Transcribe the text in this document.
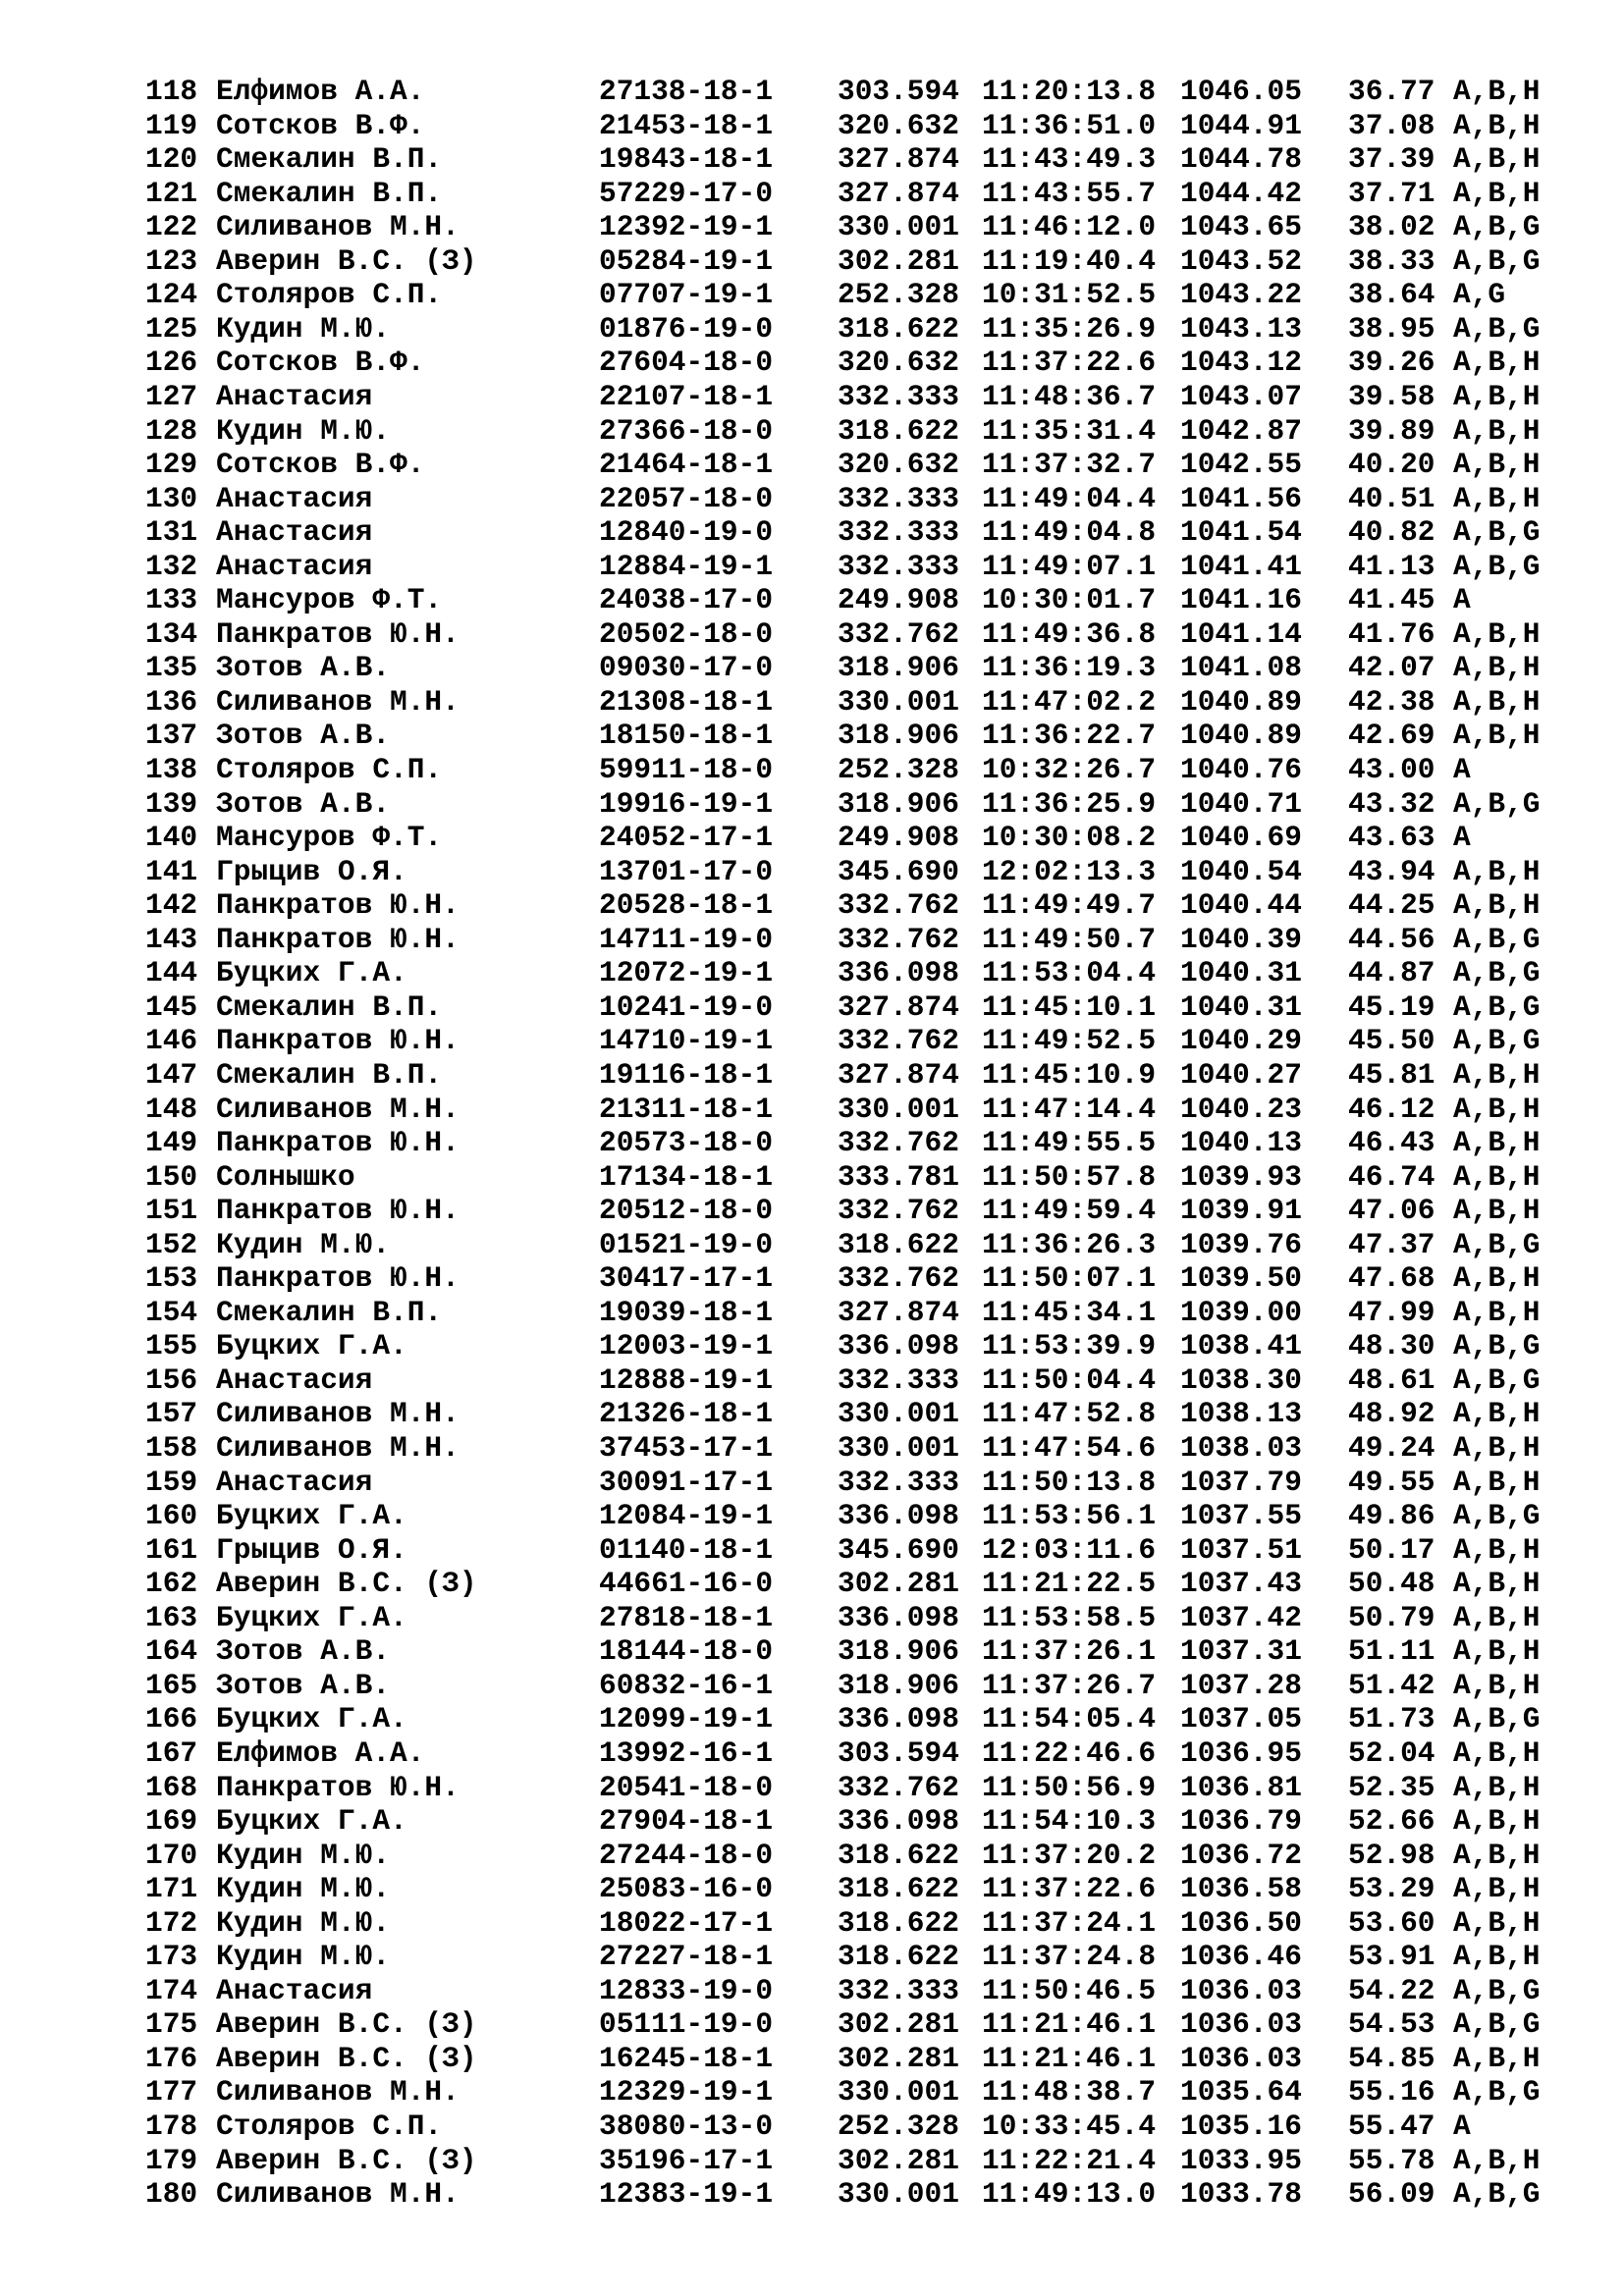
118 Елфимов А.А.	27138-18-1 303.594 11:20:13.8 1046.05 36.77 A,B,H
119 Сотсков В.Ф.	21453-18-1 320.632 11:36:51.0 1044.91 37.08 A,B,H
120 Смекалин В.П.	19843-18-1 327.874 11:43:49.3 1044.78 37.39 A,B,H
121 Смекалин В.П.	57229-17-0 327.874 11:43:55.7 1044.42 37.71 A,B,H
122 Силиванов М.Н.	12392-19-1 330.001 11:46:12.0 1043.65 38.02 A,B,G
123 Аверин В.С. (З)	05284-19-1 302.281 11:19:40.4 1043.52 38.33 A,B,G
124 Столяров С.П.	07707-19-1 252.328 10:31:52.5 1043.22 38.64 A,G
125 Кудин М.Ю.	01876-19-0 318.622 11:35:26.9 1043.13 38.95 A,B,G
126 Сотсков В.Ф.	27604-18-0 320.632 11:37:22.6 1043.12 39.26 A,B,H
127 Анастасия	22107-18-1 332.333 11:48:36.7 1043.07 39.58 A,B,H
128 Кудин М.Ю.	27366-18-0 318.622 11:35:31.4 1042.87 39.89 A,B,H
129 Сотсков В.Ф.	21464-18-1 320.632 11:37:32.7 1042.55 40.20 A,B,H
130 Анастасия	22057-18-0 332.333 11:49:04.4 1041.56 40.51 A,B,H
131 Анастасия	12840-19-0 332.333 11:49:04.8 1041.54 40.82 A,B,G
132 Анастасия	12884-19-1 332.333 11:49:07.1 1041.41 41.13 A,B,G
133 Мансуров Ф.Т.	24038-17-0 249.908 10:30:01.7 1041.16 41.45 A
134 Панкратов Ю.Н.	20502-18-0 332.762 11:49:36.8 1041.14 41.76 A,B,H
135 Зотов А.В.	09030-17-0 318.906 11:36:19.3 1041.08 42.07 A,B,H
136 Силиванов М.Н.	21308-18-1 330.001 11:47:02.2 1040.89 42.38 A,B,H
137 Зотов А.В.	18150-18-1 318.906 11:36:22.7 1040.89 42.69 A,B,H
138 Столяров С.П.	59911-18-0 252.328 10:32:26.7 1040.76 43.00 A
139 Зотов А.В.	19916-19-1 318.906 11:36:25.9 1040.71 43.32 A,B,G
140 Мансуров Ф.Т.	24052-17-1 249.908 10:30:08.2 1040.69 43.63 A
141 Грыцив О.Я.	13701-17-0 345.690 12:02:13.3 1040.54 43.94 A,B,H
142 Панкратов Ю.Н.	20528-18-1 332.762 11:49:49.7 1040.44 44.25 A,B,H
143 Панкратов Ю.Н.	14711-19-0 332.762 11:49:50.7 1040.39 44.56 A,B,G
144 Буцких Г.А.	12072-19-1 336.098 11:53:04.4 1040.31 44.87 A,B,G
145 Смекалин В.П.	10241-19-0 327.874 11:45:10.1 1040.31 45.19 A,B,G
146 Панкратов Ю.Н.	14710-19-1 332.762 11:49:52.5 1040.29 45.50 A,B,G
147 Смекалин В.П.	19116-18-1 327.874 11:45:10.9 1040.27 45.81 A,B,H
148 Силиванов М.Н.	21311-18-1 330.001 11:47:14.4 1040.23 46.12 A,B,H
149 Панкратов Ю.Н.	20573-18-0 332.762 11:49:55.5 1040.13 46.43 A,B,H
150 Солнышко	17134-18-1 333.781 11:50:57.8 1039.93 46.74 A,B,H
151 Панкратов Ю.Н.	20512-18-0 332.762 11:49:59.4 1039.91 47.06 A,B,H
152 Кудин М.Ю.	01521-19-0 318.622 11:36:26.3 1039.76 47.37 A,B,G
153 Панкратов Ю.Н.	30417-17-1 332.762 11:50:07.1 1039.50 47.68 A,B,H
154 Смекалин В.П.	19039-18-1 327.874 11:45:34.1 1039.00 47.99 A,B,H
155 Буцких Г.А.	12003-19-1 336.098 11:53:39.9 1038.41 48.30 A,B,G
156 Анастасия	12888-19-1 332.333 11:50:04.4 1038.30 48.61 A,B,G
157 Силиванов М.Н.	21326-18-1 330.001 11:47:52.8 1038.13 48.92 A,B,H
158 Силиванов М.Н.	37453-17-1 330.001 11:47:54.6 1038.03 49.24 A,B,H
159 Анастасия	30091-17-1 332.333 11:50:13.8 1037.79 49.55 A,B,H
160 Буцких Г.А.	12084-19-1 336.098 11:53:56.1 1037.55 49.86 A,B,G
161 Грыцив О.Я.	01140-18-1 345.690 12:03:11.6 1037.51 50.17 A,B,H
162 Аверин В.С. (З)	44661-16-0 302.281 11:21:22.5 1037.43 50.48 A,B,H
163 Буцких Г.А.	27818-18-1 336.098 11:53:58.5 1037.42 50.79 A,B,H
164 Зотов А.В.	18144-18-0 318.906 11:37:26.1 1037.31 51.11 A,B,H
165 Зотов А.В.	60832-16-1 318.906 11:37:26.7 1037.28 51.42 A,B,H
166 Буцких Г.А.	12099-19-1 336.098 11:54:05.4 1037.05 51.73 A,B,G
167 Елфимов А.А.	13992-16-1 303.594 11:22:46.6 1036.95 52.04 A,B,H
168 Панкратов Ю.Н.	20541-18-0 332.762 11:50:56.9 1036.81 52.35 A,B,H
169 Буцких Г.А.	27904-18-1 336.098 11:54:10.3 1036.79 52.66 A,B,H
170 Кудин М.Ю.	27244-18-0 318.622 11:37:20.2 1036.72 52.98 A,B,H
171 Кудин М.Ю.	25083-16-0 318.622 11:37:22.6 1036.58 53.29 A,B,H
172 Кудин М.Ю.	18022-17-1 318.622 11:37:24.1 1036.50 53.60 A,B,H
173 Кудин М.Ю.	27227-18-1 318.622 11:37:24.8 1036.46 53.91 A,B,H
174 Анастасия	12833-19-0 332.333 11:50:46.5 1036.03 54.22 A,B,G
175 Аверин В.С. (З)	05111-19-0 302.281 11:21:46.1 1036.03 54.53 A,B,G
176 Аверин В.С. (З)	16245-18-1 302.281 11:21:46.1 1036.03 54.85 A,B,H
177 Силиванов М.Н.	12329-19-1 330.001 11:48:38.7 1035.64 55.16 A,B,G
178 Столяров С.П.	38080-13-0 252.328 10:33:45.4 1035.16 55.47 A
179 Аверин В.С. (З)	35196-17-1 302.281 11:22:21.4 1033.95 55.78 A,B,H
180 Силиванов М.Н.	12383-19-1 330.001 11:49:13.0 1033.78 56.09 A,B,G
